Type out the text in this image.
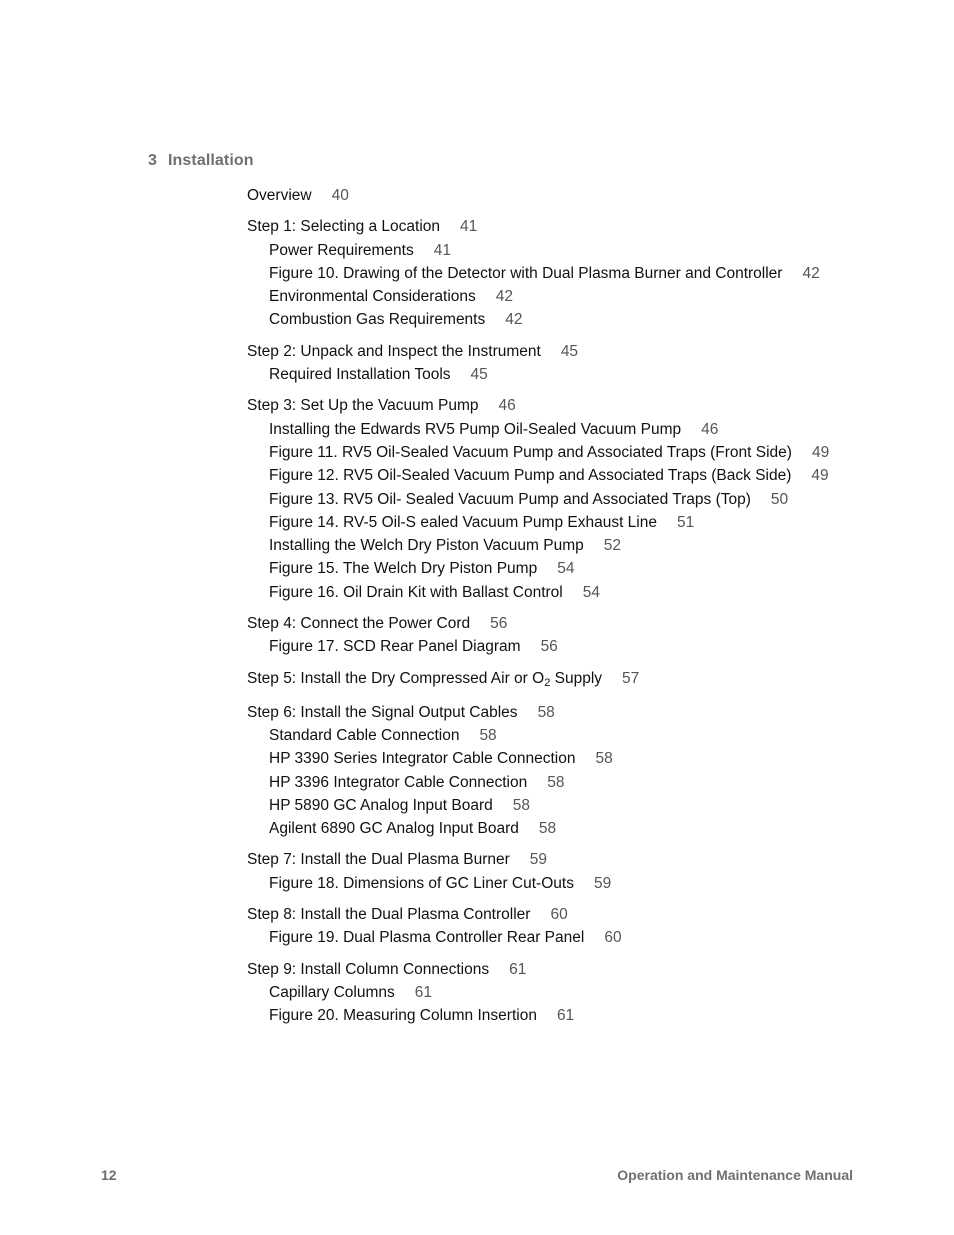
3 Installation
Overview 40
Step 1: Selecting a Location 41
Power Requirements 41
Figure 10. Drawing of the Detector with Dual Plasma Burner and Controller 42
Environmental Considerations 42
Combustion Gas Requirements 42
Step 2: Unpack and Inspect the Instrument 45
Required Installation Tools 45
Step 3: Set Up the Vacuum Pump 46
Installing the Edwards RV5 Pump Oil-Sealed Vacuum Pump 46
Figure 11. RV5 Oil-Sealed Vacuum Pump and Associated Traps (Front Side) 49
Figure 12. RV5 Oil-Sealed Vacuum Pump and Associated Traps (Back Side) 49
Figure 13. RV5 Oil- Sealed Vacuum Pump and Associated Traps (Top) 50
Figure 14. RV-5 Oil-S ealed Vacuum Pump Exhaust Line 51
Installing the Welch Dry Piston Vacuum Pump 52
Figure 15. The Welch Dry Piston Pump 54
Figure 16. Oil Drain Kit with Ballast Control 54
Step 4: Connect the Power Cord 56
Figure 17. SCD Rear Panel Diagram 56
Step 5: Install the Dry Compressed Air or $O_2$ Supply 57
Step 6: Install the Signal Output Cables 58
Standard Cable Connection 58
HP 3390 Series Integrator Cable Connection 58
HP 3396 Integrator Cable Connection 58
HP 5890 GC Analog Input Board 58
Agilent 6890 GC Analog Input Board 58
Step 7: Install the Dual Plasma Burner 59
Figure 18. Dimensions of GC Liner Cut-Outs 59
Step 8: Install the Dual Plasma Controller 60
Figure 19. Dual Plasma Controller Rear Panel 60
Step 9: Install Column Connections 61
Capillary Columns 61
Figure 20. Measuring Column Insertion 61
12	Operation and Maintenance Manual
